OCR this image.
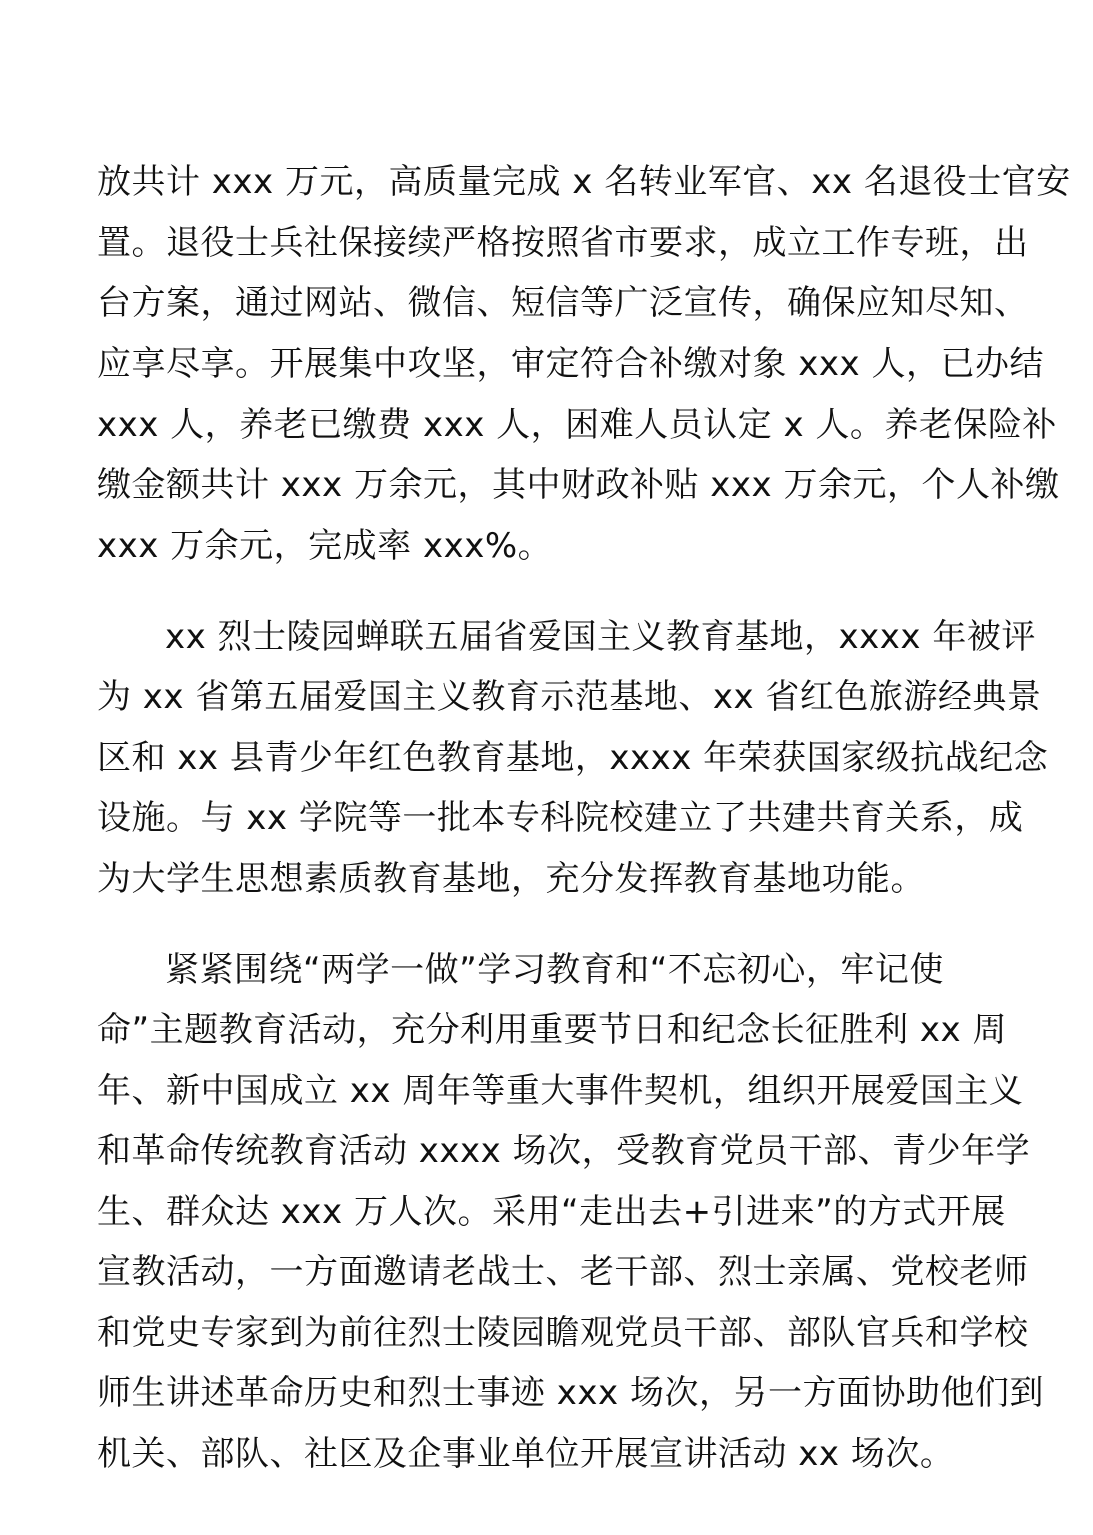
放共计 xxx 万元，高质量完成 x 名转业军官、xx 名退役士官安
置。退役士兵社保接续严格按照省市要求，成立工作专班，出
台方案，通过网站、微信、短信等广泛宣传，确保应知尽知、
应享尽享。开展集中攻坚，审定符合补缴对象 xxx 人，已办结
xxx 人，养老已缴费 xxx 人，困难人员认定 x 人。养老保险补
缴金额共计 xxx 万余元，其中财政补贴 xxx 万余元，个人补缴
xxx 万余元，完成率 xxx%。
xx 烈士陵园蝉联五届省爱国主义教育基地，xxxx 年被评
为 xx 省第五届爱国主义教育示范基地、xx 省红色旅游经典景
区和 xx 县青少年红色教育基地，xxxx 年荣获国家级抗战纪念
设施。与 xx 学院等一批本专科院校建立了共建共育关系，成
为大学生思想素质教育基地，充分发挥教育基地功能。
紧紧围绕“两学一做”学习教育和“不忘初心，牢记使
命”主题教育活动，充分利用重要节日和纪念长征胜利 xx 周
年、新中国成立 xx 周年等重大事件契机，组织开展爱国主义
和革命传统教育活动 xxxx 场次，受教育党员干部、青少年学
生、群众达 xxx 万人次。采用“走出去+引进来”的方式开展
宣教活动，一方面邀请老战士、老干部、烈士亲属、党校老师
和党史专家到为前往烈士陵园瞻观党员干部、部队官兵和学校
师生讲述革命历史和烈士事迹 xxx 场次，另一方面协助他们到
机关、部队、社区及企事业单位开展宣讲活动 xx 场次。
